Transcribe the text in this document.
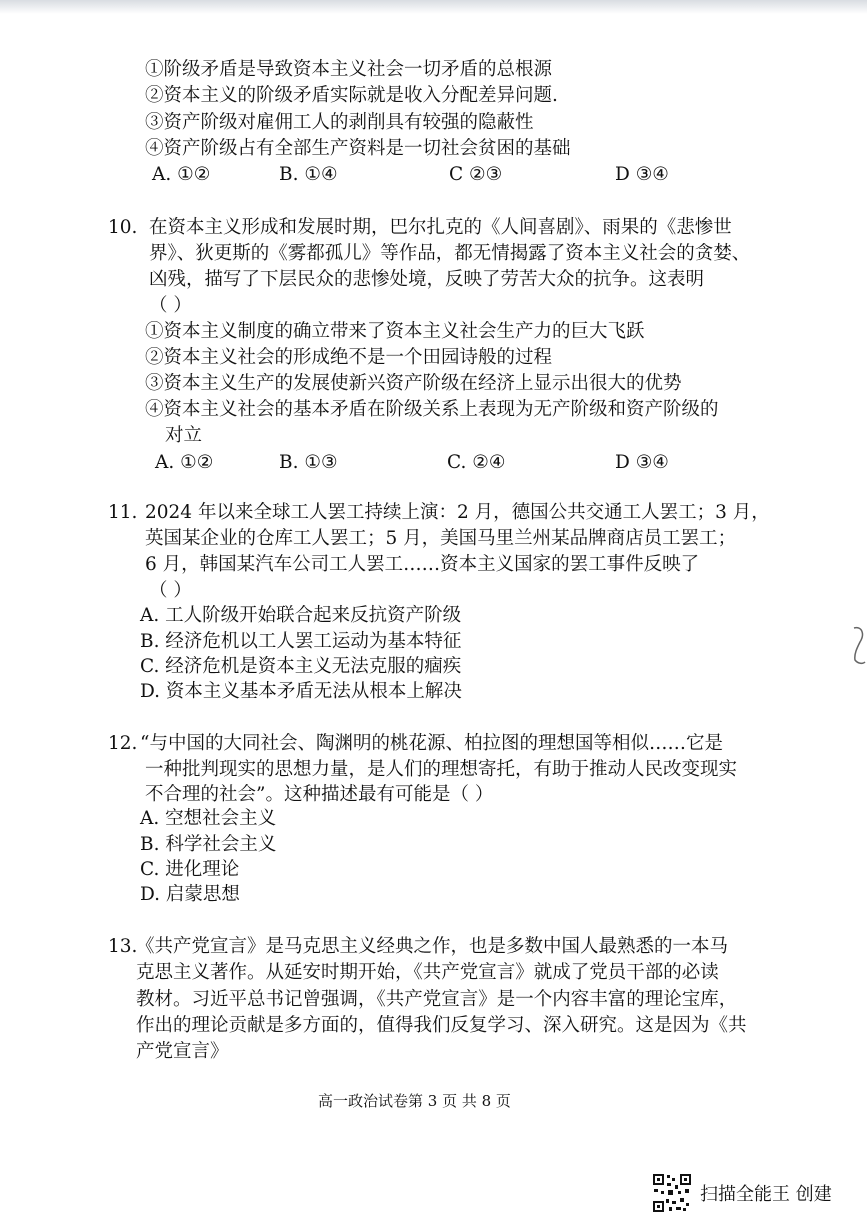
①阶级矛盾是导致资本主义社会一切矛盾的总根源
②资本主义的阶级矛盾实际就是收入分配差异问题.
③资产阶级对雇佣工人的剥削具有较强的隐蔽性
④资产阶级占有全部生产资料是一切社会贫困的基础
A. ①②	B. ①④	C ②③	D ③④
10. 在资本主义形成和发展时期，巴尔扎克的《人间喜剧》、雨果的《悲惨世
界》、狄更斯的《雾都孤儿》等作品，都无情揭露了资本主义社会的贪婪、
凶残，描写了下层民众的悲惨处境，反映了劳苦大众的抗争。这表明
（ ）
①资本主义制度的确立带来了资本主义社会生产力的巨大飞跃
②资本主义社会的形成绝不是一个田园诗般的过程
③资本主义生产的发展使新兴资产阶级在经济上显示出很大的优势
④资本主义社会的基本矛盾在阶级关系上表现为无产阶级和资产阶级的
对立
A. ①②	B. ①③	C. ②④	D ③④
11. 2024 年以来全球工人罢工持续上演：2 月，德国公共交通工人罢工；3 月，
英国某企业的仓库工人罢工；5 月，美国马里兰州某品牌商店员工罢工；
6 月，韩国某汽车公司工人罢工……资本主义国家的罢工事件反映了
（ ）
A. 工人阶级开始联合起来反抗资产阶级
B. 经济危机以工人罢工运动为基本特征
C. 经济危机是资本主义无法克服的痼疾
D. 资本主义基本矛盾无法从根本上解决
12. “与中国的大同社会、陶渊明的桃花源、柏拉图的理想国等相似……它是
一种批判现实的思想力量，是人们的理想寄托，有助于推动人民改变现实
不合理的社会”。这种描述最有可能是（ ）
A. 空想社会主义
B. 科学社会主义
C. 进化理论
D. 启蒙思想
13.
《共产党宣言》是马克思主义经典之作，也是多数中国人最熟悉的一本马
克思主义著作。从延安时期开始，《共产党宣言》就成了党员干部的必读
教材。习近平总书记曾强调，《共产党宣言》是一个内容丰富的理论宝库，
作出的理论贡献是多方面的，值得我们反复学习、深入研究。这是因为《共
产党宣言》
高一政治试卷第 3 页 共 8 页
扫描全能王 创建
